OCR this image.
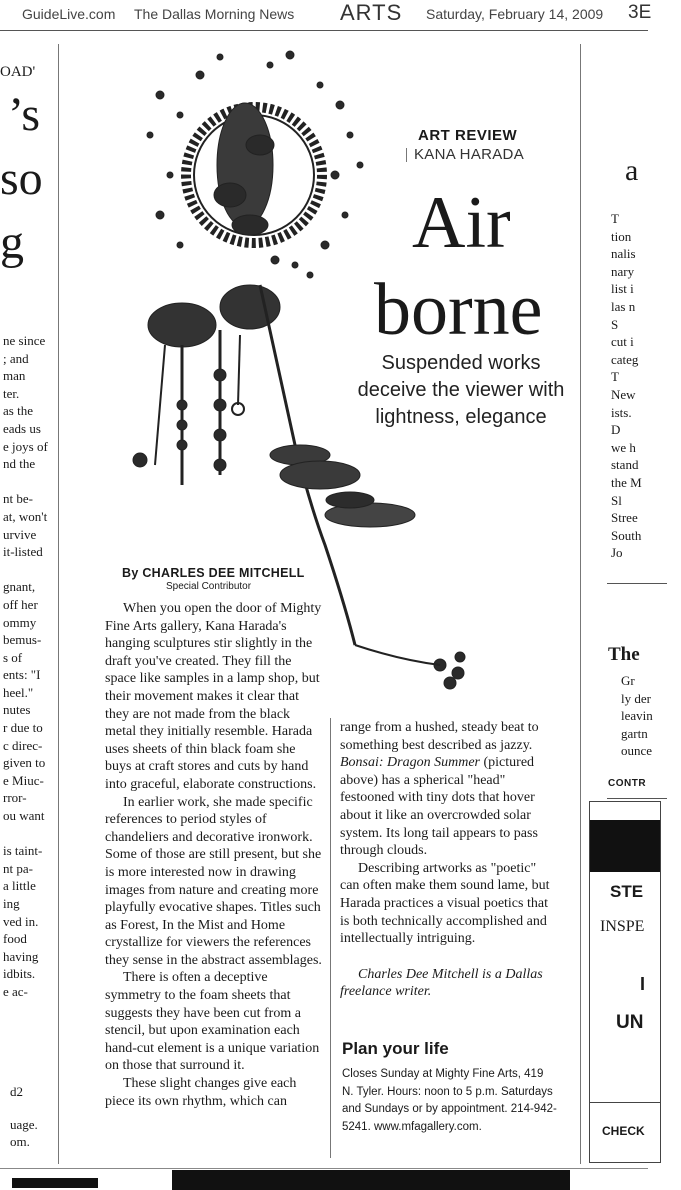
GuideLive.com The Dallas Morning News ARTS Saturday, February 14, 2009 3E
OAD'
’s
so
g
ne since
; and
man
ter.
as the
eads us
e joys of
nd the

nt be-
at, won't
urvive
it-listed

gnant,
off her
ommy
bemus-
s of
ents: "I
heel."
nutes
r due to
c direc-
given to
e Miuc-
rror-
ou want

is taint-
nt pa-
a little
ing
ved in.
food
having
idbits.
e ac-
d2
uage.
om.
ART REVIEW
KANA HARADA
Air
borne
Suspended works deceive the viewer with lightness, elegance
By CHARLES DEE MITCHELL
Special Contributor

When you open the door of Mighty Fine Arts gallery, Kana Harada's hanging sculptures stir slightly in the draft you've created. They fill the space like samples in a lamp shop, but their movement makes it clear that they are not made from the black metal they initially resemble. Harada uses sheets of thin black foam she buys at craft stores and cuts by hand into graceful, elaborate constructions.

In earlier work, she made specific references to period styles of chandeliers and decorative ironwork. Some of those are still present, but she is more interested now in drawing images from nature and creating more playfully evocative shapes. Titles such as Forest, In the Mist and Home crystallize for viewers the references they sense in the abstract assemblages.

There is often a deceptive symmetry to the foam sheets that suggests they have been cut from a stencil, but upon examination each hand-cut element is a unique variation on those that surround it.

These slight changes give each piece its own rhythm, which can

range from a hushed, steady beat to something best described as jazzy. Bonsai: Dragon Summer (pictured above) has a spherical "head" festooned with tiny dots that hover about it like an overcrowded solar system. Its long tail appears to pass through clouds.

Describing artworks as "poetic" can often make them sound lame, but Harada practices a visual poetics that is both technically accomplished and intellectually intriguing.

Charles Dee Mitchell is a Dallas freelance writer.

Plan your life
Closes Sunday at Mighty Fine Arts, 419 N. Tyler. Hours: noon to 5 p.m. Saturdays and Sundays or by appointment. 214-942-5241. www.mfagallery.com.
a
T
tion
nalis
nary
list i
las n
S
cut i
categ
T
New
ists.
D
we h
stand
the M
Sl
Stree
South
Jo
The
Gr
ly der
leavin
gartn
ounce
CONTR
STE
INSPE
I
UN
CHECK
